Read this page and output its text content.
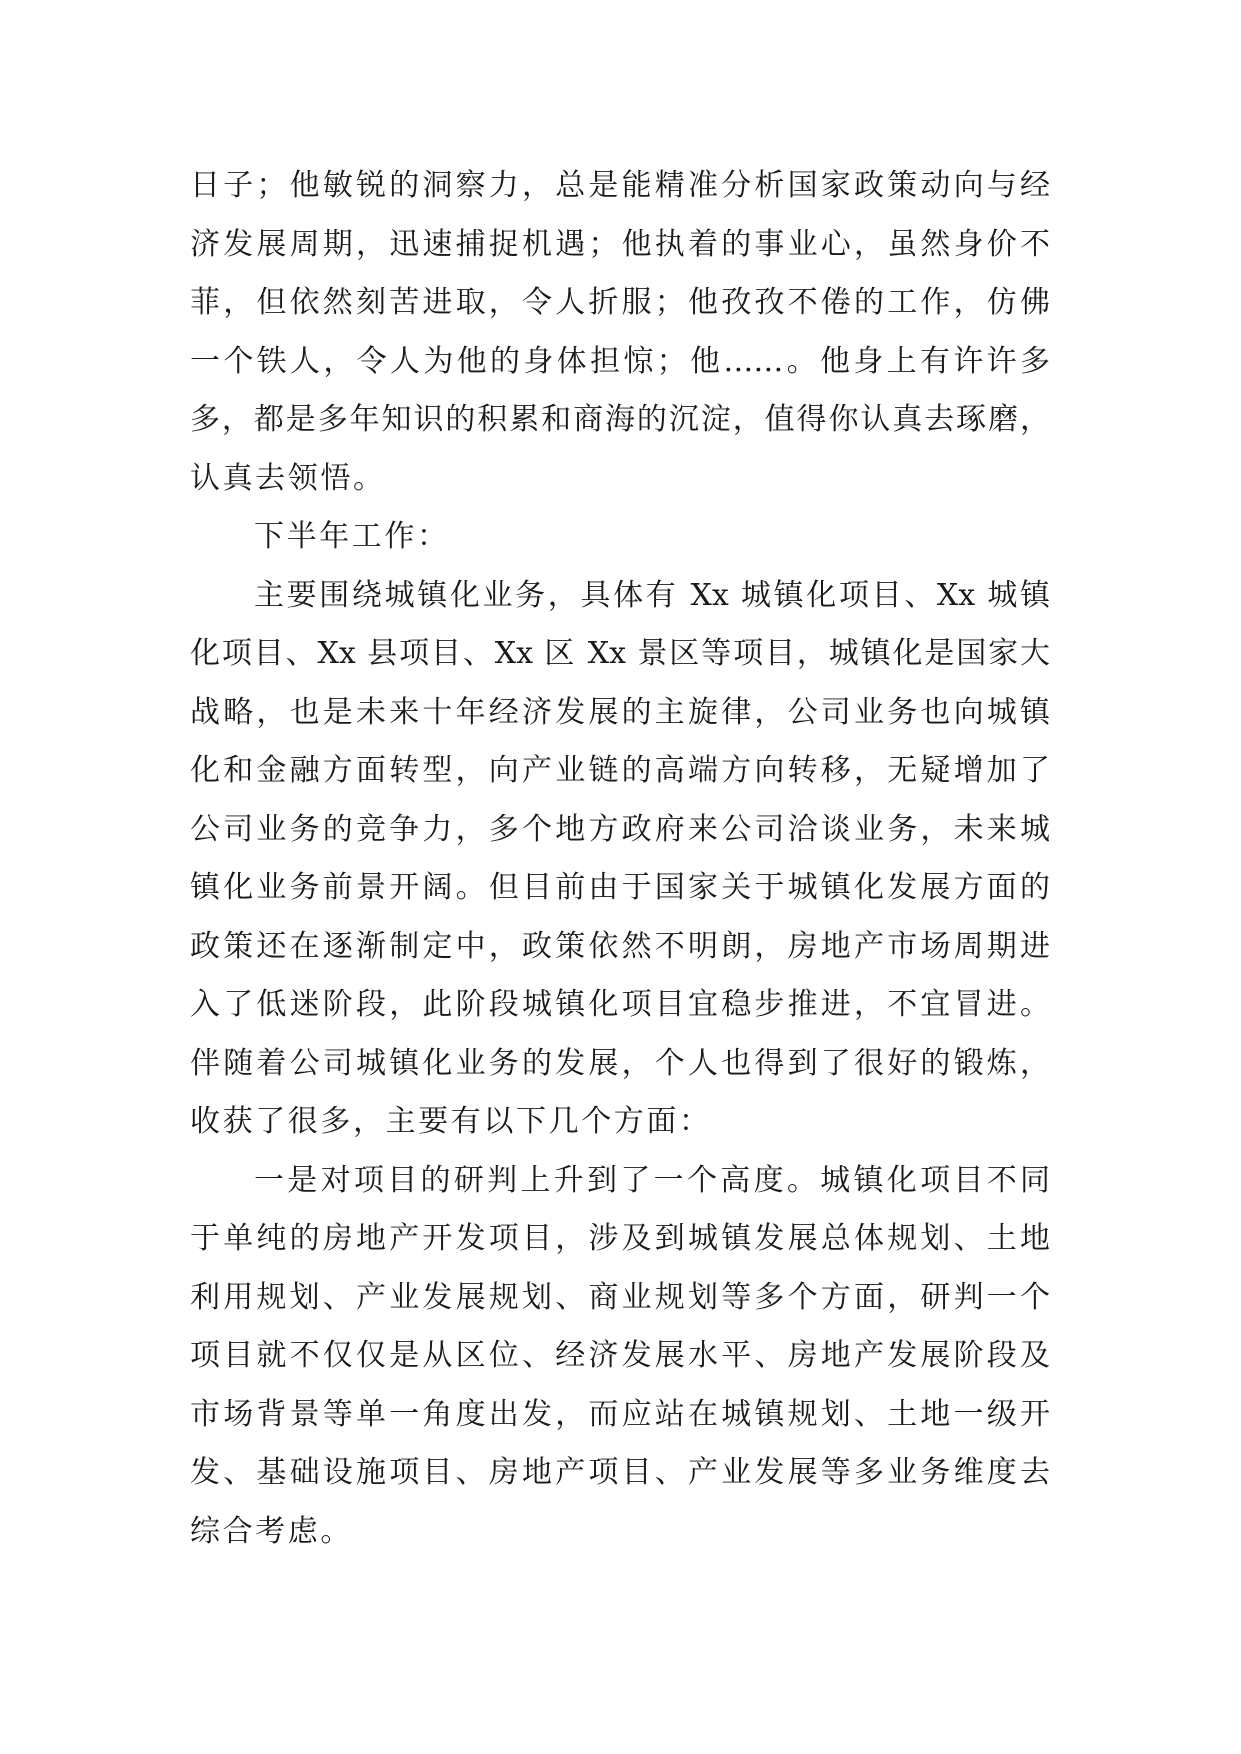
日子；他敏锐的洞察力，总是能精准分析国家政策动向与经
济发展周期，迅速捕捉机遇；他执着的事业心，虽然身价不
菲，但依然刻苦进取，令人折服；他孜孜不倦的工作，仿佛
一个铁人，令人为他的身体担惊；他……。他身上有许许多
多，都是多年知识的积累和商海的沉淀，值得你认真去琢磨，
认真去领悟。
下半年工作：
主要围绕城镇化业务，具体有 Xx 城镇化项目、Xx 城镇
化项目、Xx 县项目、Xx 区 Xx 景区等项目，城镇化是国家大
战略，也是未来十年经济发展的主旋律，公司业务也向城镇
化和金融方面转型，向产业链的高端方向转移，无疑增加了
公司业务的竞争力，多个地方政府来公司洽谈业务，未来城
镇化业务前景开阔。但目前由于国家关于城镇化发展方面的
政策还在逐渐制定中，政策依然不明朗，房地产市场周期进
入了低迷阶段，此阶段城镇化项目宜稳步推进，不宜冒进。
伴随着公司城镇化业务的发展，个人也得到了很好的锻炼，
收获了很多，主要有以下几个方面：
一是对项目的研判上升到了一个高度。城镇化项目不同
于单纯的房地产开发项目，涉及到城镇发展总体规划、土地
利用规划、产业发展规划、商业规划等多个方面，研判一个
项目就不仅仅是从区位、经济发展水平、房地产发展阶段及
市场背景等单一角度出发，而应站在城镇规划、土地一级开
发、基础设施项目、房地产项目、产业发展等多业务维度去
综合考虑。
